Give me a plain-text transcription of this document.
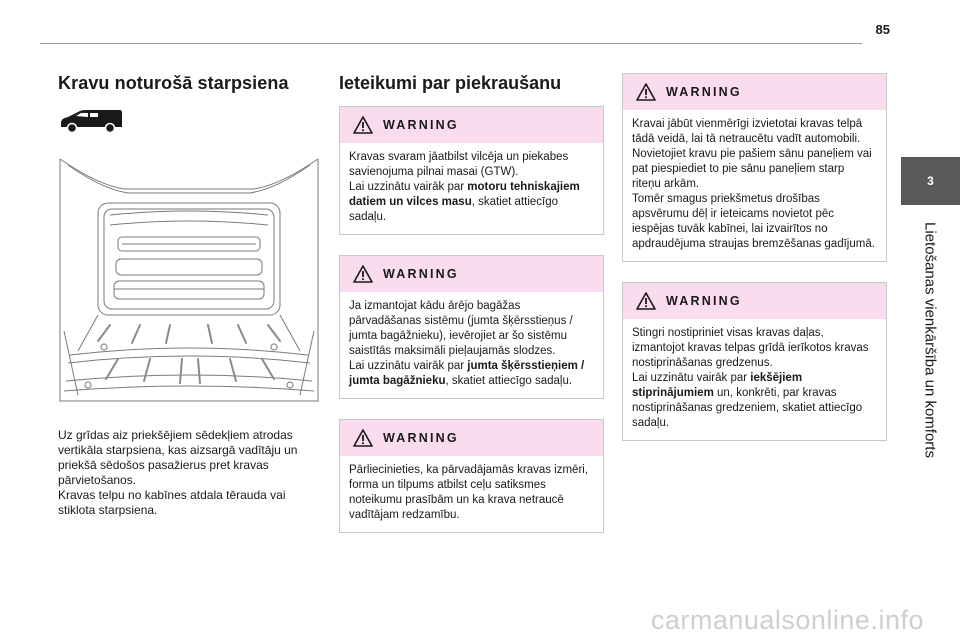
85
3
Lietošanas vienkāršība un komforts
Kravu noturošā starpsiena

Uz grīdas aiz priekšējiem sēdekļiem atrodas vertikāla starpsiena, kas aizsargā vadītāju un priekšā sēdošos pasažierus pret kravas pārvietošanos.
Kravas telpu no kabīnes atdala tērauda vai stiklota starpsiena.

Ieteikumi par piekraušanu
WARNING
Kravas svaram jāatbilst vilcēja un piekabes savienojuma pilnai masai (GTW).
Lai uzzinātu vairāk par motoru tehniskajiem datiem un vilces masu, skatiet attiecīgo sadaļu.
WARNING
Ja izmantojat kādu ārējo bagāžas pārvadāšanas sistēmu (jumta šķērsstieņus / jumta bagāžnieku), ievērojiet ar šo sistēmu saistītās maksimāli pieļaujamās slodzes.
Lai uzzinātu vairāk par jumta šķērsstieņiem / jumta bagāžnieku, skatiet attiecīgo sadaļu.
WARNING
Pārliecinieties, ka pārvadājamās kravas izmēri, forma un tilpums atbilst ceļu satiksmes noteikumu prasībām un ka krava netraucē vadītājam redzamību.
WARNING
Kravai jābūt vienmērīgi izvietotai kravas telpā tādā veidā, lai tā netraucētu vadīt automobili.
Novietojiet kravu pie pašiem sānu paneļiem vai pat piespiediet to pie sānu paneļiem starp riteņu arkām.
Tomēr smagus priekšmetus drošības apsvērumu dēļ ir ieteicams novietot pēc iespējas tuvāk kabīnei, lai izvairītos no apdraudējuma straujas bremzēšanas gadījumā.
WARNING
Stingri nostipriniet visas kravas daļas, izmantojot kravas telpas grīdā ierīkotos kravas nostiprināšanas gredzenus.
Lai uzzinātu vairāk par iekšējiem stiprinājumiem un, konkrēti, par kravas nostiprināšanas gredzeniem, skatiet attiecīgo sadaļu.
carmanualsonline.info
